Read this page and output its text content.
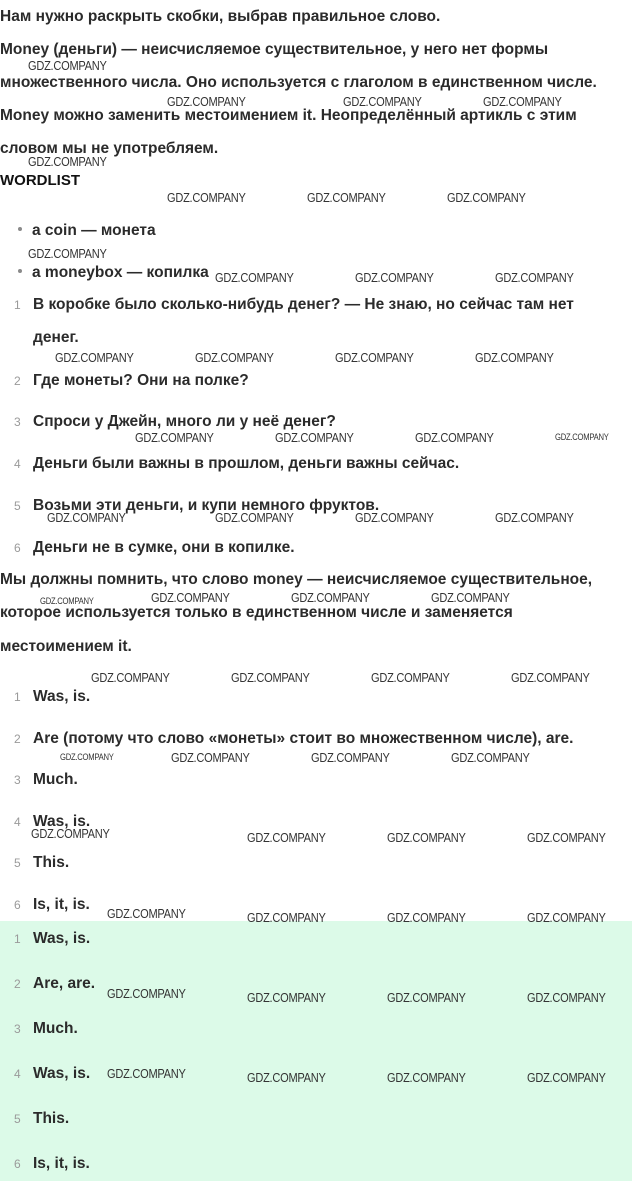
Нам нужно раскрыть скобки, выбрав правильное слово.

Money (деньги) — неисчисляемое существительное, у него нет формы

множественного числа. Оно используется с глаголом в единственном числе.

Money можно заменить местоимением it. Неопределённый артикль с этим

словом мы не употребляем.

WORDLIST
a coin — монета
a moneybox — копилка
1 В коробке было сколько-нибудь денег? — Не знаю, но сейчас там нет
денег.
2 Где монеты? Они на полке?
3 Спроси у Джейн, много ли у неё денег?
4 Деньги были важны в прошлом, деньги важны сейчас.
5 Возьми эти деньги, и купи немного фруктов.
6 Деньги не в сумке, они в копилке.

Мы должны помнить, что слово money — неисчисляемое существительное,

которое используется только в единственном числе и заменяется

местоимением it.

1 Was, is.
2 Are (потому что слово «монеты» стоит во множественном числе), are.
3 Much.
4 Was, is.
5 This.
6 Is, it, is.
1 Was, is.
2 Are, are.
3 Much.
4 Was, is.
5 This.
6 Is, it, is.
GDZ.COMPANY
GDZ.COMPANY	GDZ.COMPANY	GDZ.COMPANY
GDZ.COMPANY
GDZ.COMPANY	GDZ.COMPANY	GDZ.COMPANY
GDZ.COMPANY
GDZ.COMPANY	GDZ.COMPANY	GDZ.COMPANY
GDZ.COMPANY	GDZ.COMPANY	GDZ.COMPANY	GDZ.COMPANY
GDZ.COMPANY	GDZ.COMPANY	GDZ.COMPANY	GDZ.COMPANY
GDZ.COMPANY	GDZ.COMPANY	GDZ.COMPANY	GDZ.COMPANY
GDZ.COMPANY	GDZ.COMPANY	GDZ.COMPANY	GDZ.COMPANY
GDZ.COMPANY	GDZ.COMPANY	GDZ.COMPANY	GDZ.COMPANY
GDZ.COMPANY	GDZ.COMPANY	GDZ.COMPANY	GDZ.COMPANY
GDZ.COMPANY	GDZ.COMPANY	GDZ.COMPANY	GDZ.COMPANY
GDZ.COMPANY	GDZ.COMPANY	GDZ.COMPANY	GDZ.COMPANY
GDZ.COMPANY	GDZ.COMPANY	GDZ.COMPANY	GDZ.COMPANY
GDZ.COMPANY	GDZ.COMPANY	GDZ.COMPANY	GDZ.COMPANY
